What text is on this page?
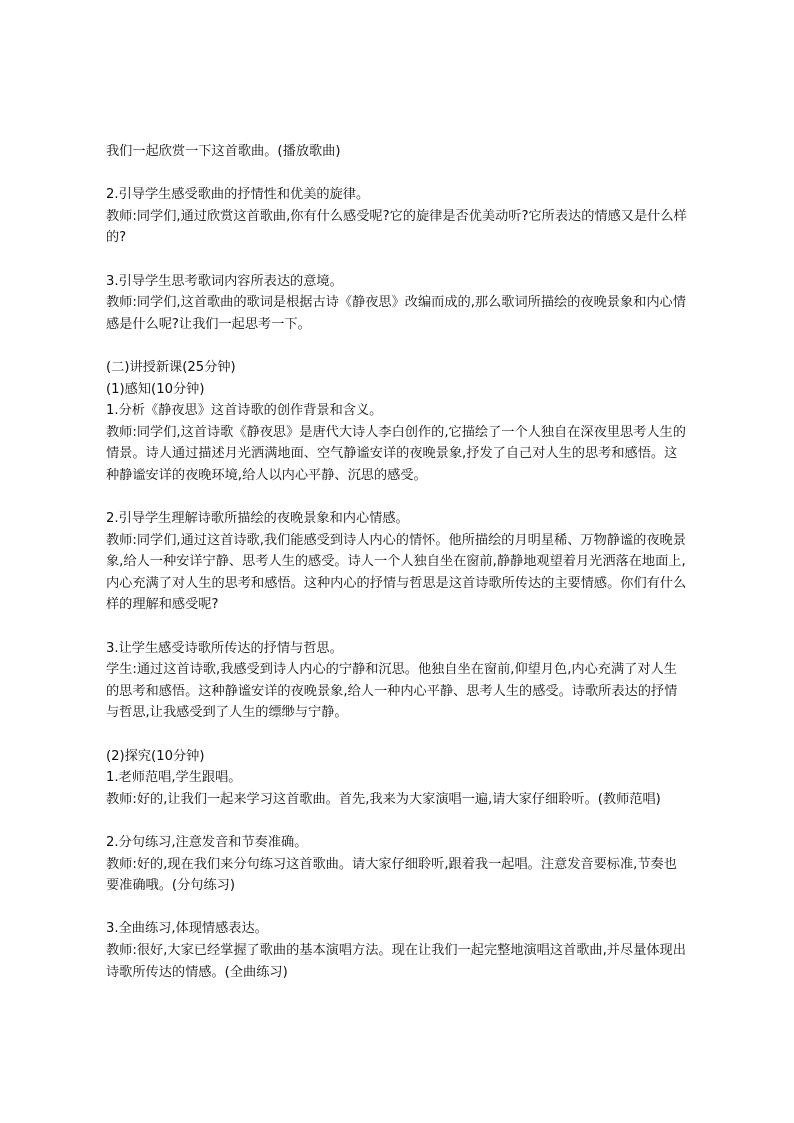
我们一起欣赏一下这首歌曲。(播放歌曲)

2.引导学生感受歌曲的抒情性和优美的旋律。

教师:同学们,通过欣赏这首歌曲,你有什么感受呢?它的旋律是否优美动听?它所表达的情感又是什么样的?

3.引导学生思考歌词内容所表达的意境。

教师:同学们,这首歌曲的歌词是根据古诗《静夜思》改编而成的,那么歌词所描绘的夜晚景象和内心情感是什么呢?让我们一起思考一下。

(二)讲授新课(25分钟)

(1)感知(10分钟)

1.分析《静夜思》这首诗歌的创作背景和含义。

教师:同学们,这首诗歌《静夜思》是唐代大诗人李白创作的,它描绘了一个人独自在深夜里思考人生的情景。诗人通过描述月光洒满地面、空气静谧安详的夜晚景象,抒发了自己对人生的思考和感悟。这种静谧安详的夜晚环境,给人以内心平静、沉思的感受。

2.引导学生理解诗歌所描绘的夜晚景象和内心情感。

教师:同学们,通过这首诗歌,我们能感受到诗人内心的情怀。他所描绘的月明星稀、万物静谧的夜晚景象,给人一种安详宁静、思考人生的感受。诗人一个人独自坐在窗前,静静地观望着月光洒落在地面上,内心充满了对人生的思考和感悟。这种内心的抒情与哲思是这首诗歌所传达的主要情感。你们有什么样的理解和感受呢?

3.让学生感受诗歌所传达的抒情与哲思。

学生:通过这首诗歌,我感受到诗人内心的宁静和沉思。他独自坐在窗前,仰望月色,内心充满了对人生的思考和感悟。这种静谧安详的夜晚景象,给人一种内心平静、思考人生的感受。诗歌所表达的抒情与哲思,让我感受到了人生的缥缈与宁静。

(2)探究(10分钟)

1.老师范唱,学生跟唱。

教师:好的,让我们一起来学习这首歌曲。首先,我来为大家演唱一遍,请大家仔细聆听。(教师范唱)

2.分句练习,注意发音和节奏准确。

教师:好的,现在我们来分句练习这首歌曲。请大家仔细聆听,跟着我一起唱。注意发音要标准,节奏也要准确哦。(分句练习)

3.全曲练习,体现情感表达。

教师:很好,大家已经掌握了歌曲的基本演唱方法。现在让我们一起完整地演唱这首歌曲,并尽量体现出诗歌所传达的情感。(全曲练习)
